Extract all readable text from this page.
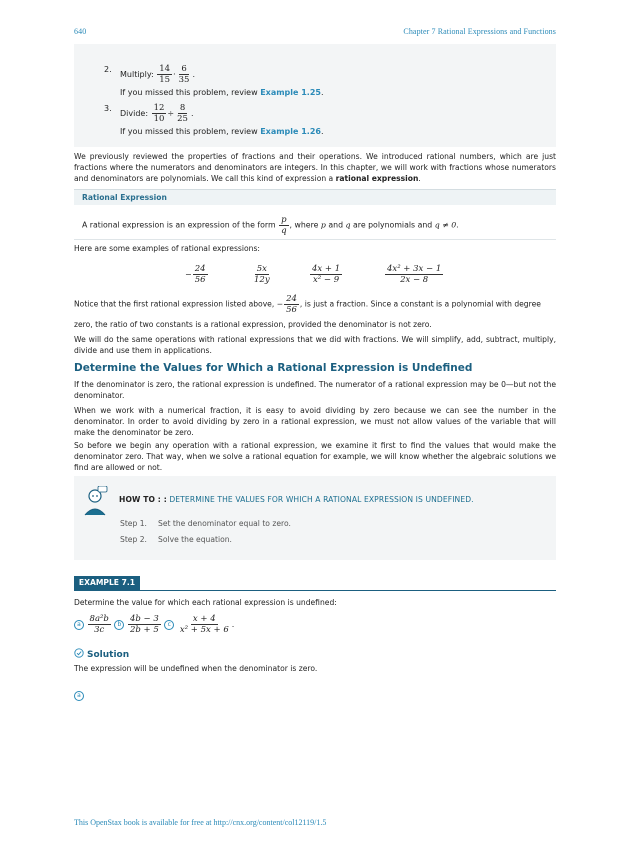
640	Chapter 7 Rational Expressions and Functions
2.
Multiply: $\frac{14}{15} \cdot \frac{6}{35}$ .
If you missed this problem, review Example 1.25.
3.
Divide: $\frac{12}{10} \div \frac{8}{25}$ .
If you missed this problem, review Example 1.26.
We previously reviewed the properties of fractions and their operations. We introduced rational numbers, which are just fractions where the numerators and denominators are integers. In this chapter, we will work with fractions whose numerators and denominators are polynomials. We call this kind of expression a rational expression.
Rational Expression
A rational expression is an expression of the form $\frac{p}{q}$ , where p and q are polynomials and q ≠ 0.
Here are some examples of rational expressions:
− $\frac{24}{56}$	$\frac{5x}{12y}$	$\frac{4x + 1}{\text{x² − 9}}$	$\frac{\text{4x² + 3x − 1}}{2x - 8}$
Notice that the first rational expression listed above, − $\frac{24}{56}$ , is just a fraction. Since a constant is a polynomial with degree
zero, the ratio of two constants is a rational expression, provided the denominator is not zero.
We will do the same operations with rational expressions that we did with fractions. We will simplify, add, subtract, multiply, divide and use them in applications.
Determine the Values for Which a Rational Expression is Undefined
If the denominator is zero, the rational expression is undefined. The numerator of a rational expression may be 0—but not the denominator.
When we work with a numerical fraction, it is easy to avoid dividing by zero because we can see the number in the denominator. In order to avoid dividing by zero in a rational expression, we must not allow values of the variable that will make the denominator be zero.
So before we begin any operation with a rational expression, we examine it first to find the values that would make the denominator zero. That way, when we solve a rational equation for example, we will know whether the algebraic solutions we find are allowed or not.
HOW TO : : DETERMINE THE VALUES FOR WHICH A RATIONAL EXPRESSION IS UNDEFINED.
Step 1. Set the denominator equal to zero.
Step 2. Solve the equation.
EXAMPLE 7.1
Determine the value for which each rational expression is undefined:
a $\frac{\text{8a²b}}{3c}$ b $\frac{4b - 3}{2b + 5}$ c $\frac{x + 4}{\text{x² + 5x + 6}}$ .
Solution
The expression will be undefined when the denominator is zero.
a
This OpenStax book is available for free at http://cnx.org/content/col12119/1.5
